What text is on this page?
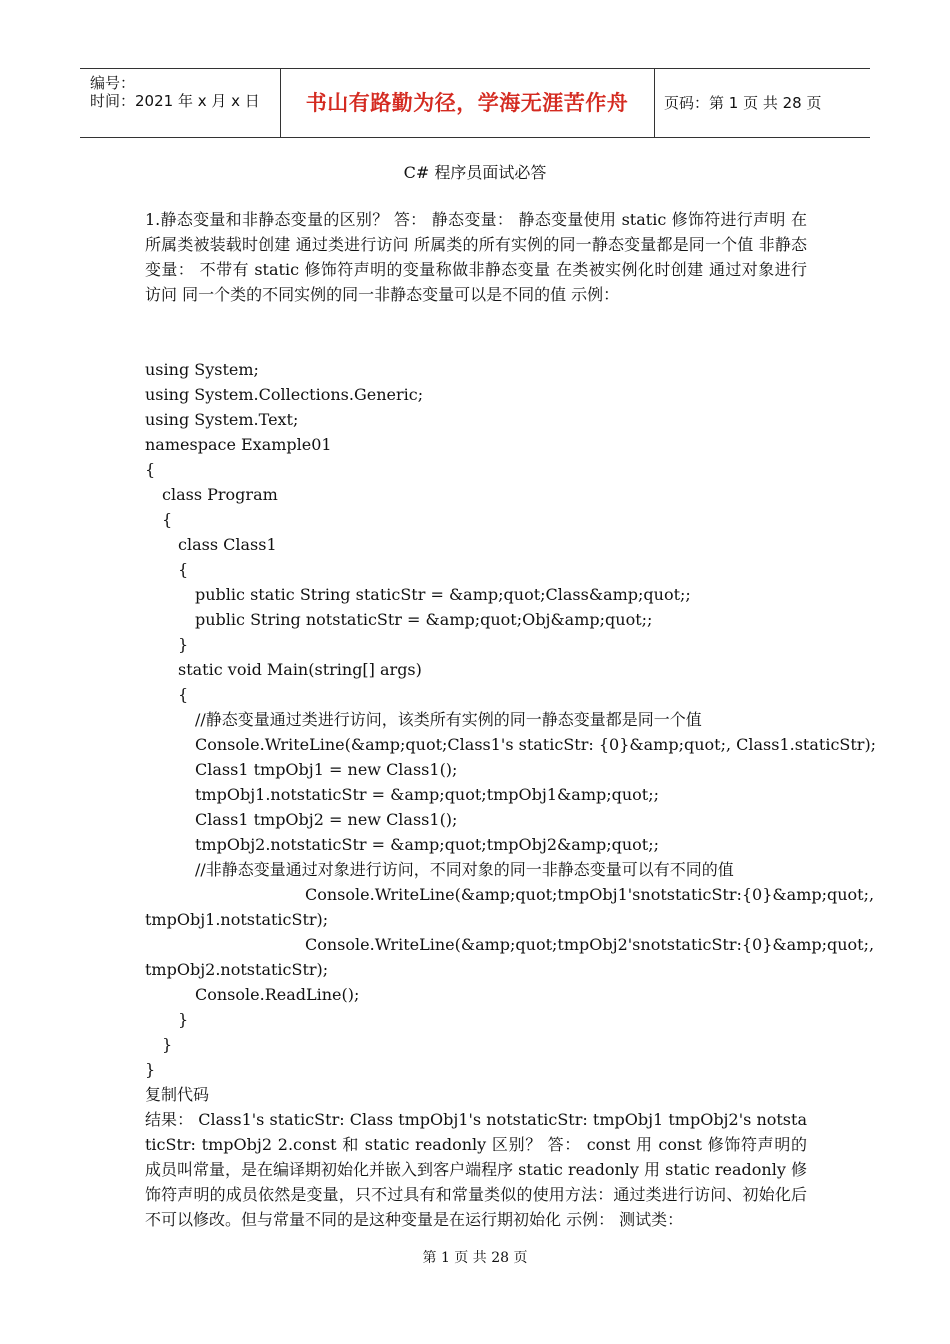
编号：
时间：2021 年 x 月 x 日	书山有路勤为径，学海无涯苦作舟	页码：第 1 页 共 28 页
C# 程序员面试必答

1.静态变量和非静态变量的区别？ 答： 静态变量： 静态变量使用 static 修饰符进行声明 在所属类被装载时创建 通过类进行访问 所属类的所有实例的同一静态变量都是同一个值 非静态变量： 不带有 static 修饰符声明的变量称做非静态变量 在类被实例化时创建 通过对象进行访问 同一个类的不同实例的同一非静态变量可以是不同的值 示例：

using System;
using System.Collections.Generic;
using System.Text;
namespace Example01
{
class Program
{
class Class1
{
public static String staticStr = &amp;quot;Class&amp;quot;;
public String notstaticStr = &amp;quot;Obj&amp;quot;;
}
static void Main(string[] args)
{
//静态变量通过类进行访问，该类所有实例的同一静态变量都是同一个值
Console.WriteLine(&amp;quot;Class1's staticStr: {0}&amp;quot;, Class1.staticStr);
Class1 tmpObj1 = new Class1();
tmpObj1.notstaticStr = &amp;quot;tmpObj1&amp;quot;;
Class1 tmpObj2 = new Class1();
tmpObj2.notstaticStr = &amp;quot;tmpObj2&amp;quot;;
//非静态变量通过对象进行访问，不同对象的同一非静态变量可以有不同的值
Console.WriteLine(&amp;quot;tmpObj1's notstaticStr: {0}&amp;quot;,
tmpObj1.notstaticStr);
Console.WriteLine(&amp;quot;tmpObj2's notstaticStr: {0}&amp;quot;,
tmpObj2.notstaticStr);
Console.ReadLine();
}
}
}
复制代码

结果： Class1's staticStr: Class tmpObj1's notstaticStr: tmpObj1 tmpObj2's notstaticStr: tmpObj2 2.const 和 static readonly 区别？ 答： const 用 const 修饰符声明的成员叫常量，是在编译期初始化并嵌入到客户端程序 static readonly 用 static readonly 修饰符声明的成员依然是变量，只不过具有和常量类似的使用方法：通过类进行访问、初始化后不可以修改。但与常量不同的是这种变量是在运行期初始化 示例： 测试类：

第 1 页 共 28 页
